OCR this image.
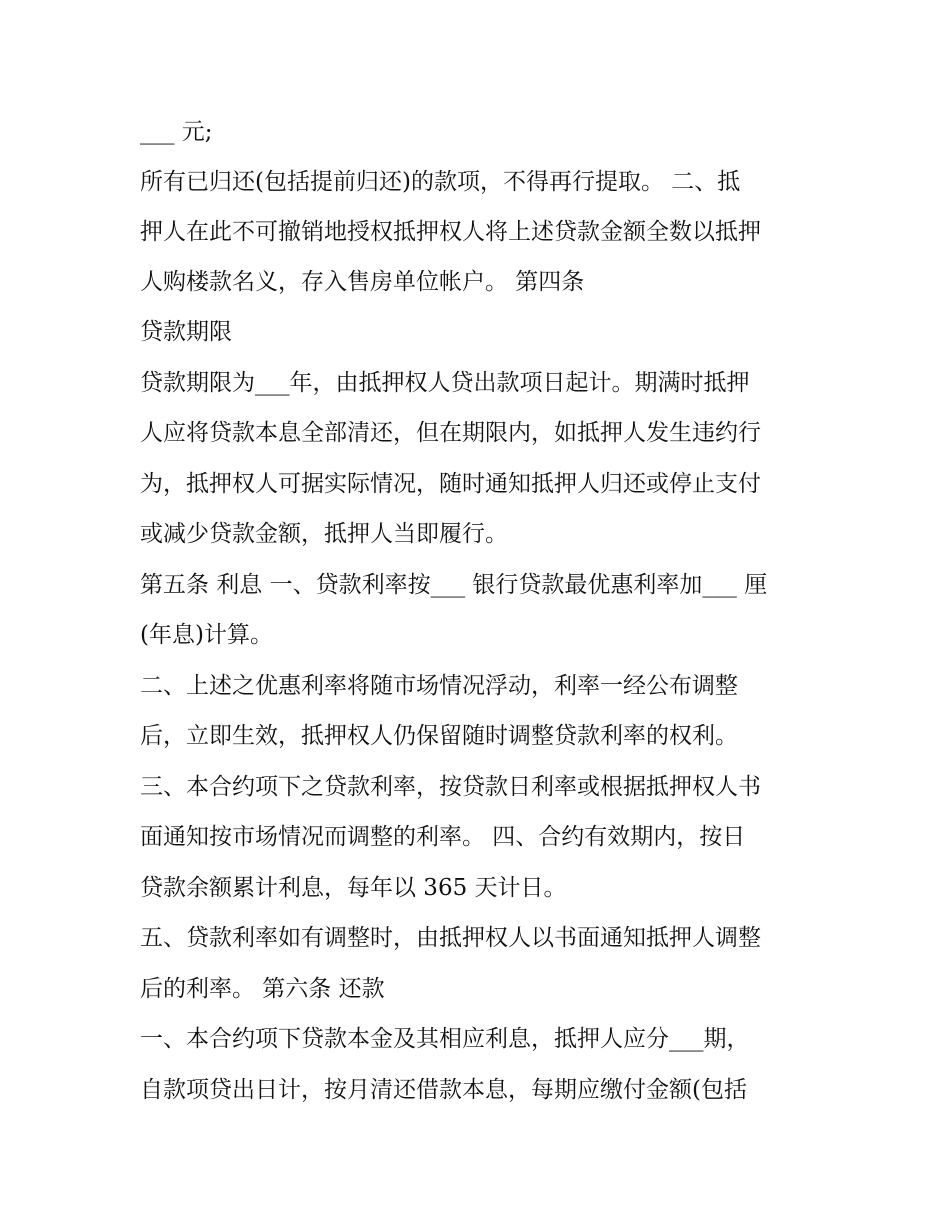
___ 元;
所有已归还(包括提前归还)的款项，不得再行提取。 二、抵
押人在此不可撤销地授权抵押权人将上述贷款金额全数以抵押
人购楼款名义，存入售房单位帐户。 第四条
贷款期限
贷款期限为___年，由抵押权人贷出款项日起计。期满时抵押
人应将贷款本息全部清还，但在期限内，如抵押人发生违约行
为，抵押权人可据实际情况，随时通知抵押人归还或停止支付
或减少贷款金额，抵押人当即履行。
第五条 利息 一、贷款利率按___ 银行贷款最优惠利率加___ 厘
(年息)计算。
二、上述之优惠利率将随市场情况浮动，利率一经公布调整
后，立即生效，抵押权人仍保留随时调整贷款利率的权利。
三、本合约项下之贷款利率，按贷款日利率或根据抵押权人书
面通知按市场情况而调整的利率。 四、合约有效期内，按日
贷款余额累计利息，每年以 365 天计日。
五、贷款利率如有调整时，由抵押权人以书面通知抵押人调整
后的利率。 第六条 还款
一、本合约项下贷款本金及其相应利息，抵押人应分___期，
自款项贷出日计，按月清还借款本息，每期应缴付金额(包括
